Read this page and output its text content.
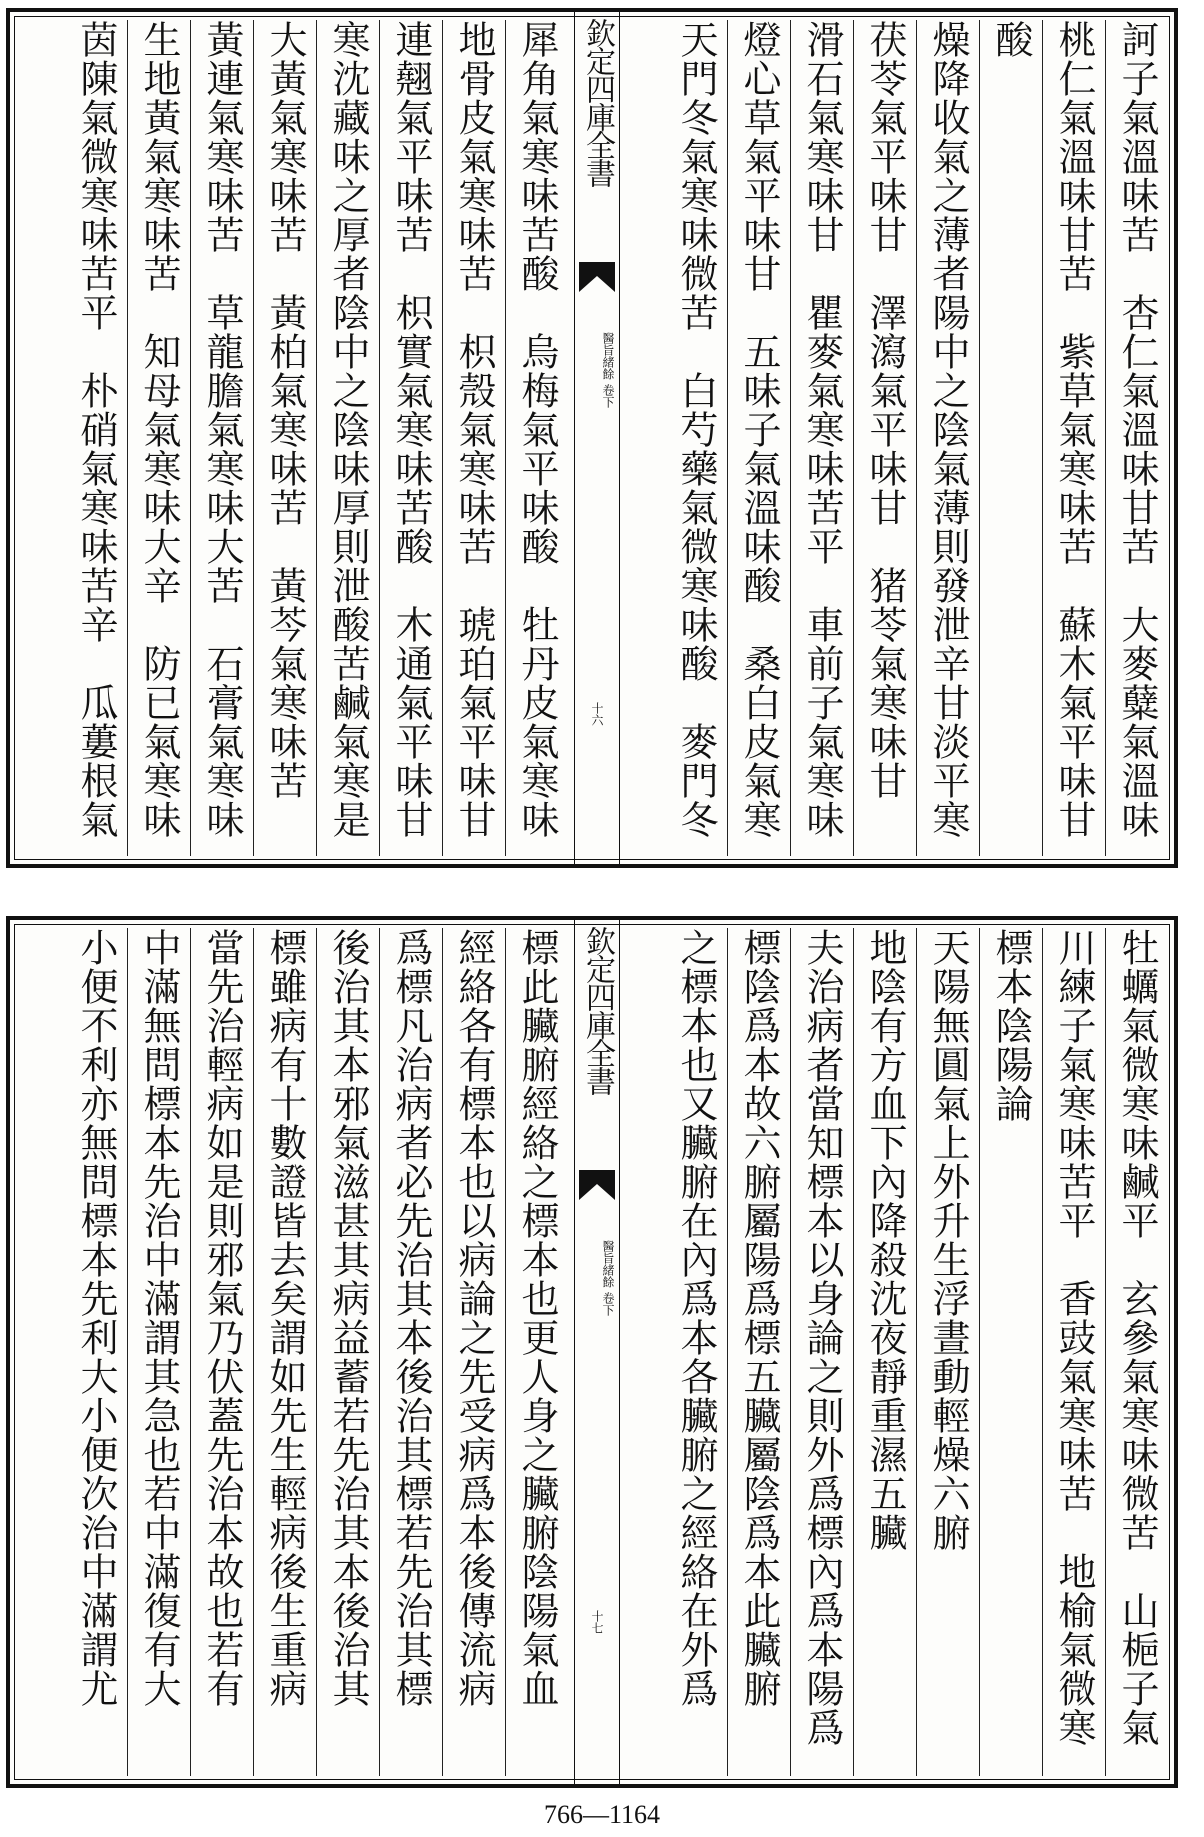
訶子氣溫味苦　杏仁氣溫味甘苦　大麥糵氣溫味
桃仁氣溫味甘苦　紫草氣寒味苦　蘇木氣平味甘
酸
燥降收氣之薄者陽中之陰氣薄則發泄辛甘淡平寒
茯苓氣平味甘　澤瀉氣平味甘　猪苓氣寒味甘
滑石氣寒味甘　瞿麥氣寒味苦平　車前子氣寒味
燈心草氣平味甘　五味子氣溫味酸　桑白皮氣寒
天門冬氣寒味微苦　白芍藥氣微寒味酸　麥門冬
欽定四庫全書
醫旨緒餘 卷下
十六
犀角氣寒味苦酸　烏梅氣平味酸　牡丹皮氣寒味
地骨皮氣寒味苦　枳殼氣寒味苦　琥珀氣平味甘
連翹氣平味苦　枳實氣寒味苦酸　木通氣平味甘
寒沈藏味之厚者陰中之陰味厚則泄酸苦鹹氣寒是
大黃氣寒味苦　黃柏氣寒味苦　黃芩氣寒味苦
黃連氣寒味苦　草龍膽氣寒味大苦　石膏氣寒味
生地黃氣寒味苦　知母氣寒味大辛　防已氣寒味
茵陳氣微寒味苦平　朴硝氣寒味苦辛　瓜蔞根氣
牡蠣氣微寒味鹹平　玄參氣寒味微苦　山梔子氣
川練子氣寒味苦平　香豉氣寒味苦　地榆氣微寒
標本陰陽論
天陽無圓氣上外升生浮晝動輕燥六腑
地陰有方血下內降殺沈夜靜重濕五臟
夫治病者當知標本以身論之則外爲標內爲本陽爲
標陰爲本故六腑屬陽爲標五臟屬陰爲本此臟腑
之標本也又臟腑在內爲本各臟腑之經絡在外爲
欽定四庫全書
醫旨緒餘 卷下
十七
標此臟腑經絡之標本也更人身之臟腑陰陽氣血
經絡各有標本也以病論之先受病爲本後傳流病
爲標凡治病者必先治其本後治其標若先治其標
後治其本邪氣滋甚其病益蓄若先治其本後治其
標雖病有十數證皆去矣謂如先生輕病後生重病
當先治輕病如是則邪氣乃伏蓋先治本故也若有
中滿無問標本先治中滿謂其急也若中滿復有大
小便不利亦無問標本先利大小便次治中滿謂尤
766—1164
